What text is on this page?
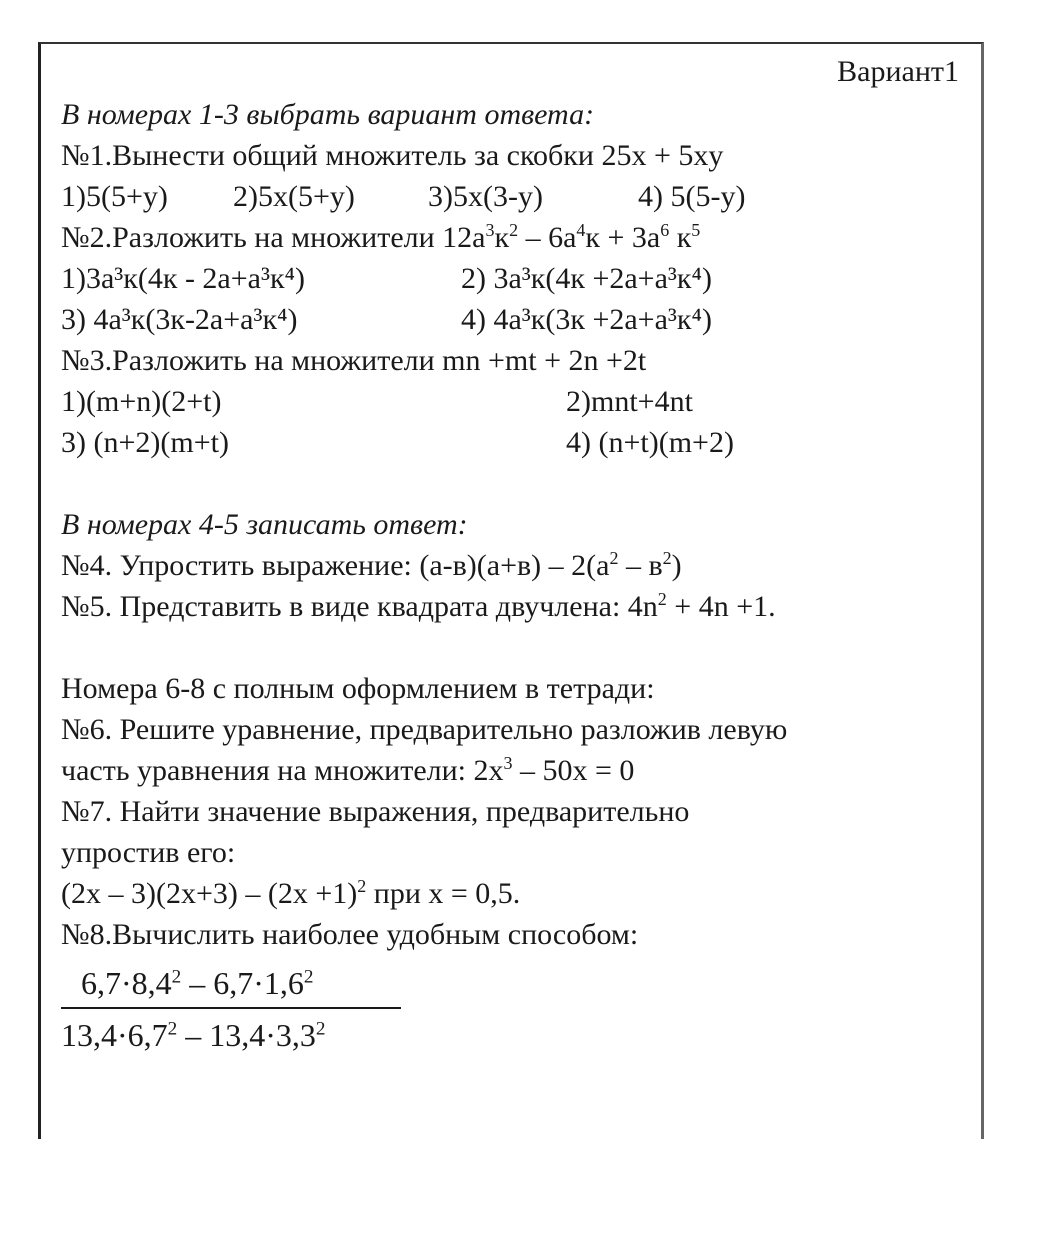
Вариант1
В номерах 1-3 выбрать вариант ответа:
№1.Вынести общий множитель за скобки 25x + 5xy
1)5(5+y)	2)5x(5+y)	3)5x(3-y)	4) 5(5-y)
№2.Разложить на множители $12a^3к^2 - 6a^4к + 3a^6$ $к^5$
1)3a³к(4к - 2a+a³к⁴)	2) 3a³к(4к +2a+a³к⁴)
3) 4a³к(3к-2a+a³к⁴)	4) 4a³к(3к +2a+a³к⁴)
№3.Разложить на множители mn +mt + 2n +2t
1)(m+n)(2+t)	2)mnt+4nt
3) (n+2)(m+t)	4) (n+t)(m+2)
В номерах 4-5 записать ответ:
№4. Упростить выражение: $(а-в)(а+в) - 2(а^2 - в^2)$
№5. Представить в виде квадрата двучлена: $4n^2 + 4n +1$.
Номера 6-8 с полным оформлением в тетради:
№6. Решите уравнение, предварительно разложив левую
часть уравнения на множители: $2x^3 - 50x = 0$
№7. Найти значение выражения, предварительно
упростив его:
$(2x - 3)(2x+3) - (2x +1)^2$ при x = 0,5.
№8.Вычислить наиболее удобным способом:
$\frac{6,7\cdot 8,4^2 - 6,7\cdot 1,6^2}{13,4\cdot 6,7^2 - 13,4\cdot 3,3^2}$
